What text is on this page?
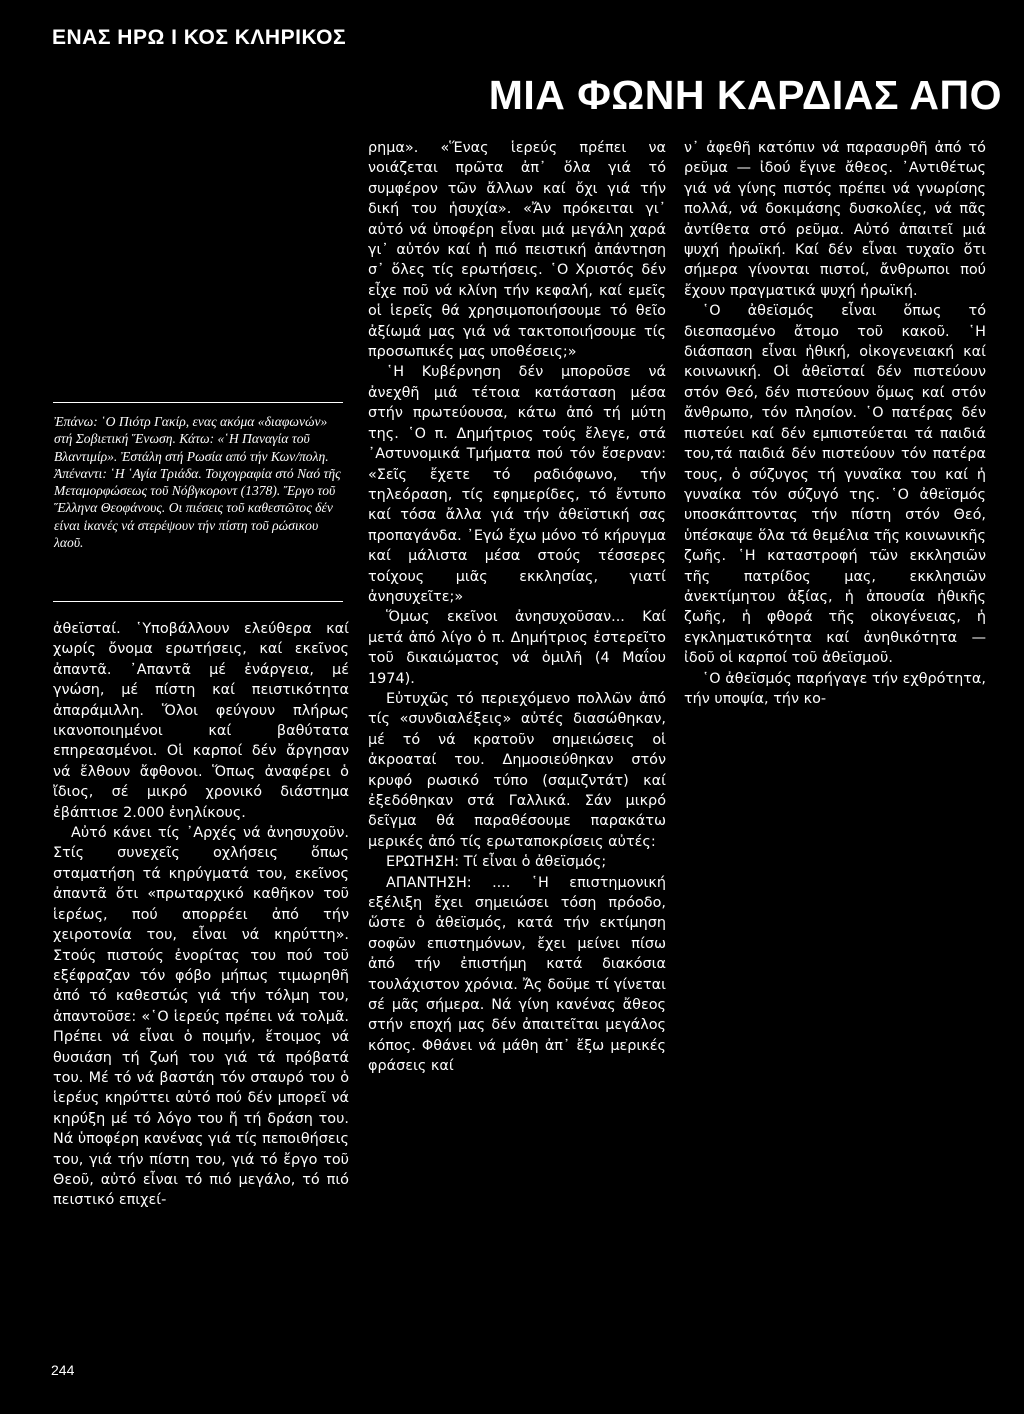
ΕΝΑΣ ΗΡΩ Ι ΚΟΣ ΚΛΗΡΙΚΟΣ
ΜΙΑ ΦΩΝΗ ΚΑΡΔΙΑΣ ΑΠΟ

Ἐπάνω: ῾Ο Πιότρ Γακίρ, ενας ακόμα «διαφωνών» στή Σοβιετική Ἕνωση. Κάτω: «῾Η Παναγία τοῦ Βλαντιμίρ». Ἐστάλη στή Ρωσία από τήν Κων/πολη. Ἀπέναντι: ῾Η ῾Αγία Τριάδα. Τοιχογραφία στό Ναό τῆς Μεταμορφώσεως τοῦ Νόβγκοροντ (1378). Ἔργο τοῦ Ἕλληνα Θεοφάνους. Οι πιέσεις τοῦ καθεστῶτος δέν είναι ἱκανές νά στερέψουν τήν πίστη τοῦ ρώσικου λαοῦ.

ἀθεϊσταί. ῾Υποβάλλουν ελεύθερα καί χωρίς ὄνομα ερωτήσεις, καί εκεῖνος ἀπαντᾶ. ᾿Απαντᾶ μέ ἐνάργεια, μέ γνώση, μέ πίστη καί πειστικότητα ἀπαράμιλλη. Ὅλοι φεύγουν πλήρως ικανοποιημένοι καί βαθύτατα επηρεασμένοι. Οἱ καρποί δέν ἄργησαν νά ἔλθουν ἄφθονοι. Ὅπως ἀναφέρει ὁ ἴδιος, σέ μικρό χρονικό διάστημα ἐβάπτισε 2.000 ἐνηλίκους.

Αὐτό κάνει τίς ᾿Αρχές νά ἀνησυχοῦν. Στίς συνεχεῖς οχλήσεις ὅπως σταματήση τά κηρύγματά του, εκεῖνος ἀπαντᾶ ὅτι «πρωταρχικό καθῆκον τοῦ ἱερέως, πού απορρέει ἀπό τήν χειροτονία του, εἶναι νά κηρύττη». Στούς πιστούς ἐνορίτας του πού τοῦ εξέφραζαν τόν φόβο μήπως τιμωρηθῆ ἀπό τό καθεστώς γιά τήν τόλμη του, ἀπαντοῦσε: «῾Ο ἱερεύς πρέπει νά τολμᾶ. Πρέπει νά εἶναι ὁ ποιμήν, ἕτοιμος νά θυσιάση τή ζωή του γιά τά πρόβατά του. Μέ τό νά βαστάη τόν σταυρό του ὁ ἱερέυς κηρύττει αὐτό πού δέν μπορεῖ νά κηρύξη μέ τό λόγο του ἤ τή δράση του. Νά ὑποφέρη κανένας γιά τίς πεποιθήσεις του, γιά τήν πίστη του, γιά τό ἔργο τοῦ Θεοῦ, αὐτό εἶναι τό πιό μεγάλο, τό πιό πειστικό επιχεί-

ρημα». «Ἕνας ἱερεύς πρέπει να νοιάζεται πρῶτα ἀπ᾿ ὅλα γιά τό συμφέρον τῶν ἄλλων καί ὄχι γιά τήν δική του ἡσυχία». «Ἄν πρόκειται γι᾿ αὐτό νά ὑποφέρη εἶναι μιά μεγάλη χαρά γι᾿ αὐτόν καί ἡ πιό πειστική ἀπάντηση σ᾿ ὅλες τίς ερωτήσεις. ῾Ο Χριστός δέν εἶχε ποῦ νά κλίνη τήν κεφαλή, καί εμεῖς οἱ ἱερεῖς θά χρησιμοποιήσουμε τό θεῖο ἀξίωμά μας γιά νά τακτοποιήσουμε τίς προσωπικές μας υποθέσεις;»

῾Η Κυβέρνηση δέν μποροῦσε νά ἀνεχθῆ μιά τέτοια κατάσταση μέσα στήν πρωτεύουσα, κάτω ἀπό τή μύτη της. ῾Ο π. Δημήτριος τούς ἔλεγε, στά ᾿Αστυνομικά Τμήματα πού τόν ἔσερναν: «Σεῖς ἔχετε τό ραδιόφωνο, τήν τηλεόραση, τίς εφημερίδες, τό ἔντυπο καί τόσα ἄλλα γιά τήν ἀθεϊστική σας προπαγάνδα. ᾿Εγώ ἔχω μόνο τό κήρυγμα καί μάλιστα μέσα στούς τέσσερες τοίχους μιᾶς εκκλησίας, γιατί ἀνησυχεῖτε;»

Ὅμως εκεῖνοι ἀνησυχοῦσαν... Καί μετά ἀπό λίγο ὁ π. Δημήτριος ἐστερεῖτο τοῦ δικαιώματος νά ὁμιλῆ (4 Μαΐου 1974).

Εὐτυχῶς τό περιεχόμενο πολλῶν ἀπό τίς «συνδιαλέξεις» αὐτές διασώθηκαν, μέ τό νά κρατοῦν σημειώσεις οἱ ἀκροαταί του. Δημοσιεύθηκαν στόν κρυφό ρωσικό τύπο (σαμιζντάτ) καί ἐξεδόθηκαν στά Γαλλικά. Σάν μικρό δεῖγμα θά παραθέσουμε παρακάτω μερικές ἀπό τίς ερωταποκρίσεις αὐτές:

ΕΡΩΤΗΣΗ: Τί εἶναι ὁ ἀθεϊσμός;

ΑΠΑΝΤΗΣΗ: .... ῾Η επιστημονική εξέλιξη ἔχει σημειώσει τόση πρόοδο, ὥστε ὁ ἀθεϊσμός, κατά τήν εκτίμηση σοφῶν επιστημόνων, ἔχει μείνει πίσω ἀπό τήν ἐπιστήμη κατά διακόσια τουλάχιστον χρόνια. Ἄς δοῦμε τί γίνεται σέ μᾶς σήμερα. Νά γίνη κανένας ἄθεος στήν εποχή μας δέν ἀπαιτεῖται μεγάλος κόπος. Φθάνει νά μάθη ἀπ᾿ ἔξω μερικές φράσεις καί

ν᾿ ἀφεθῆ κατόπιν νά παρασυρθῆ ἀπό τό ρεῦμα — ἰδού ἔγινε ἄθεος. ᾿Αντιθέτως γιά νά γίνης πιστός πρέπει νά γνωρίσης πολλά, νά δοκιμάσης δυσκολίες, νά πᾶς ἀντίθετα στό ρεῦμα. Αὐτό ἀπαιτεῖ μιά ψυχή ἡρωϊκή. Καί δέν εἶναι τυχαῖο ὅτι σήμερα γίνονται πιστοί, ἄνθρωποι πού ἔχουν πραγματικά ψυχή ἡρωϊκή.

῾Ο ἀθεϊσμός εἶναι ὅπως τό διεσπασμένο ἄτομο τοῦ κακοῦ. ῾Η διάσπαση εἶναι ἠθική, οἰκογενειακή καί κοινωνική. Οἱ ἀθεϊσταί δέν πιστεύουν στόν Θεό, δέν πιστεύουν ὅμως καί στόν ἄνθρωπο, τόν πλησίον. ῾Ο πατέρας δέν πιστεύει καί δέν εμπιστεύεται τά παιδιά του,τά παιδιά δέν πιστεύουν τόν πατέρα τους, ὁ σύζυγος τή γυναῖκα του καί ἡ γυναίκα τόν σύζυγό της. ῾Ο ἀθεϊσμός υποσκάπτοντας τήν πίστη στόν Θεό, ὑπέσκαψε ὅλα τά θεμέλια τῆς κοινωνικῆς ζωῆς. ῾Η καταστροφή τῶν εκκλησιῶν τῆς πατρίδος μας, εκκλησιῶν ἀνεκτίμητου ἀξίας, ἡ ἀπουσία ἠθικῆς ζωῆς, ἡ φθορά τῆς οἰκογένειας, ἡ εγκληματικότητα καί ἀνηθικότητα — ἰδοῦ οἱ καρποί τοῦ ἀθεϊσμοῦ.

῾Ο ἀθεϊσμός παρήγαγε τήν εχθρότητα, τήν υποψία, τήν κο-

244
